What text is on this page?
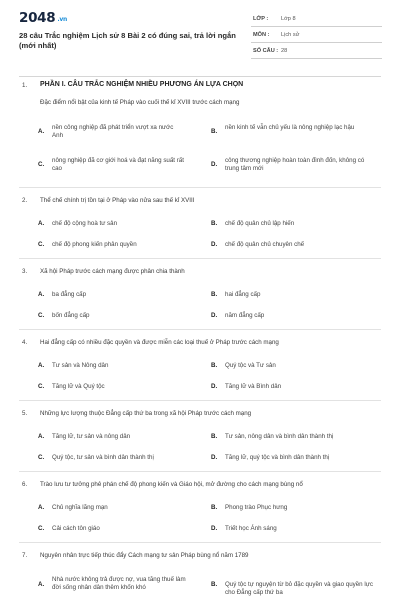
2048 .vn
28 câu Trắc nghiệm Lịch sử 8 Bài 2 có đúng sai, trả lời ngắn (mới nhất)
LỚP : Lớp 8
MÔN : Lịch sử
SỐ CÂU : 28
1. PHẦN I. CÂU TRẮC NGHIỆM NHIỀU PHƯƠNG ÁN LỰA CHỌN
Đặc điểm nổi bật của kinh tế Pháp vào cuối thế kỉ XVIII trước cách mạng
A.
nền công nghiệp đã phát triển vượt xa nước Anh
B.
nền kinh tế vẫn chủ yếu là nông nghiệp lạc hậu
C.
nông nghiệp đã cơ giới hoá và đạt năng suất rất cao
D.
công thương nghiệp hoàn toàn đình đốn, không có trung tâm mới
2. Thể chế chính trị tồn tại ở Pháp vào nửa sau thế kỉ XVIII
A. chế độ cộng hoà tư sản	B. chế độ quân chủ lập hiến
C. chế độ phong kiến phân quyền	D. chế độ quân chủ chuyên chế
3. Xã hội Pháp trước cách mạng được phân chia thành
A. ba đẳng cấp	B. hai đẳng cấp
C. bốn đẳng cấp	D. năm đẳng cấp
4. Hai đẳng cấp có nhiều đặc quyền và được miễn các loại thuế ở Pháp trước cách mạng
A. Tư sản và Nông dân	B. Quý tộc và Tư sản
C. Tăng lữ và Quý tộc	D. Tăng lữ và Bình dân
5. Những lực lượng thuộc Đẳng cấp thứ ba trong xã hội Pháp trước cách mạng
A. Tăng lữ, tư sản và nông dân	B. Tư sản, nông dân và bình dân thành thị
C. Quý tộc, tư sản và bình dân thành thị	D. Tăng lữ, quý tộc và bình dân thành thị
6. Trào lưu tư tưởng phê phán chế độ phong kiến và Giáo hội, mở đường cho cách mạng bùng nổ
A. Chủ nghĩa lãng mạn	B. Phong trào Phục hưng
C. Cải cách tôn giáo	D. Triết học Ánh sáng
7. Nguyên nhân trực tiếp thúc đẩy Cách mạng tư sản Pháp bùng nổ năm 1789
A.
Nhà nước không trả được nợ, vua tăng thuế làm đời sống nhân dân thêm khốn khó	B. Quý tộc tự nguyện từ bỏ đặc quyền và giao quyền lực cho Đẳng cấp thứ ba
